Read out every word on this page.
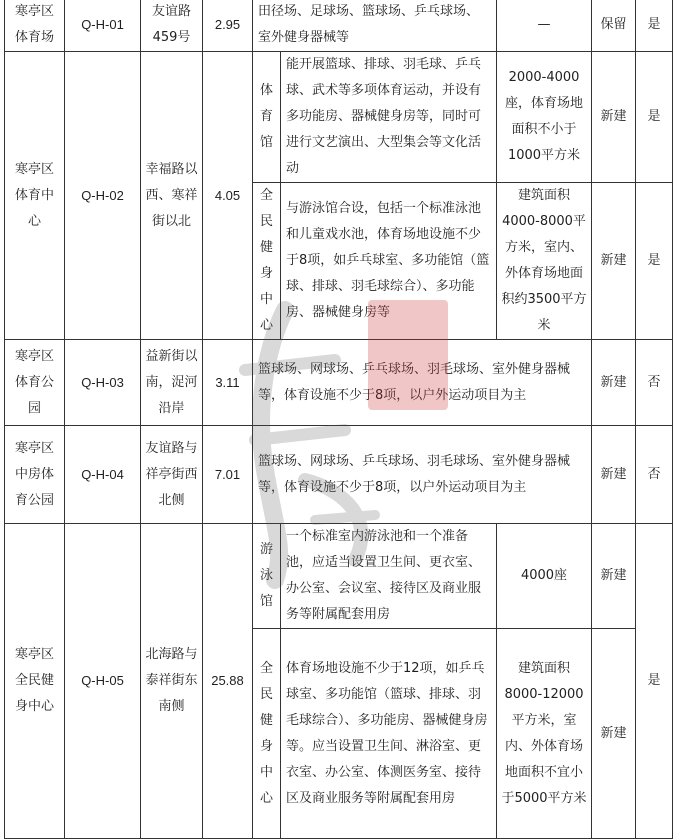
寒亭区体育场	Q-H-01	友谊路459号	2.95	田径场、足球场、篮球场、乒乓球场、室外健身器械等		—	保留	是
寒亭区体育中心	Q-H-02	幸福路以西、寒祥街以北	4.05	体育馆	能开展篮球、排球、羽毛球、乒乓球、武术等多项体育运动，并设有多功能房、器械健身房等，同时可进行文艺演出、大型集会等文化活动	2000-4000座，体育场地面积不小于1000平方米	新建	是
				全民健身中心	与游泳馆合设，包括一个标准泳池和儿童戏水池，体育场地设施不少于8项，如乒乓球室、多功能馆（篮球、排球、羽毛球综合）、多功能房、器械健身房等	建筑面积4000-8000平方米，室内、外体育场地面积约3500平方米	新建	是
寒亭区体育公园	Q-H-03	益新街以南，浞河沿岸	3.11	篮球场、网球场、乒乓球场、羽毛球场、室外健身器械等，体育设施不少于8项，以户外运动项目为主			新建	否
寒亭区中房体育公园	Q-H-04	友谊路与祥亭街西北侧	7.01	篮球场、网球场、乒乓球场、羽毛球场、室外健身器械等，体育设施不少于8项，以户外运动项目为主			新建	否
寒亭区全民健身中心	Q-H-05	北海路与泰祥街东南侧	25.88	游泳馆	一个标准室内游泳池和一个准备池，应适当设置卫生间、更衣室、办公室、会议室、接待区及商业服务等附属配套用房	4000座	新建	是
				全民健身中心	体育场地设施不少于12项，如乒乓球室、多功能馆（篮球、排球、羽毛球综合）、多功能房、器械健身房等。应当设置卫生间、淋浴室、更衣室、办公室、体测医务室、接待区及商业服务等附属配套用房	建筑面积8000-12000平方米，室内、外体育场地面积不宜小于5000平方米	新建	
